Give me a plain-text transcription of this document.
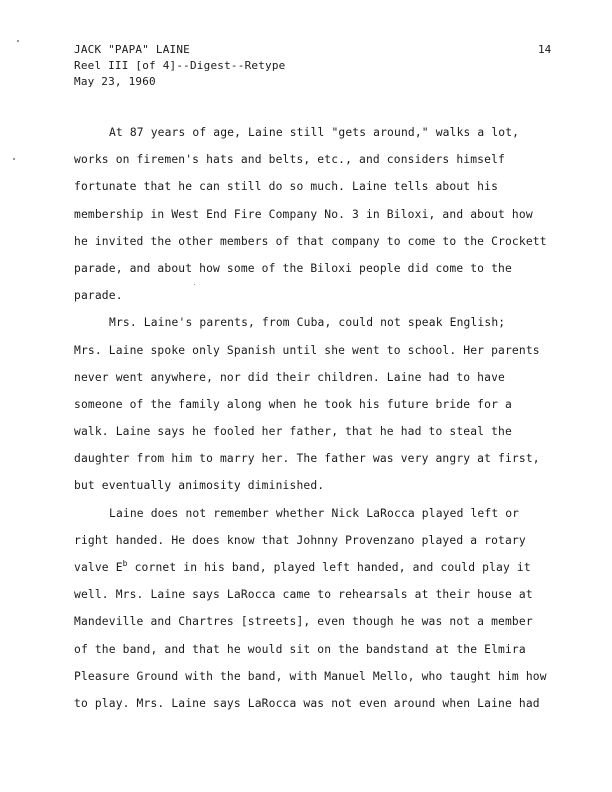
JACK "PAPA" LAINE
Reel III [of 4]--Digest--Retype
May 23, 1960
14
At 87 years of age, Laine still "gets around," walks a lot,
works on firemen's hats and belts, etc., and considers himself
fortunate that he can still do so much. Laine tells about his
membership in West End Fire Company No. 3 in Biloxi, and about how
he invited the other members of that company to come to the Crockett
parade, and about how some of the Biloxi people did come to the
parade.
Mrs. Laine's parents, from Cuba, could not speak English;
Mrs. Laine spoke only Spanish until she went to school. Her parents
never went anywhere, nor did their children. Laine had to have
someone of the family along when he took his future bride for a
walk. Laine says he fooled her father, that he had to steal the
daughter from him to marry her. The father was very angry at first,
but eventually animosity diminished.
Laine does not remember whether Nick LaRocca played left or
right handed. He does know that Johnny Provenzano played a rotary
valve $E^b$ cornet in his band, played left handed, and could play it
well. Mrs. Laine says LaRocca came to rehearsals at their house at
Mandeville and Chartres [streets], even though he was not a member
of the band, and that he would sit on the bandstand at the Elmira
Pleasure Ground with the band, with Manuel Mello, who taught him how
to play. Mrs. Laine says LaRocca was not even around when Laine had
